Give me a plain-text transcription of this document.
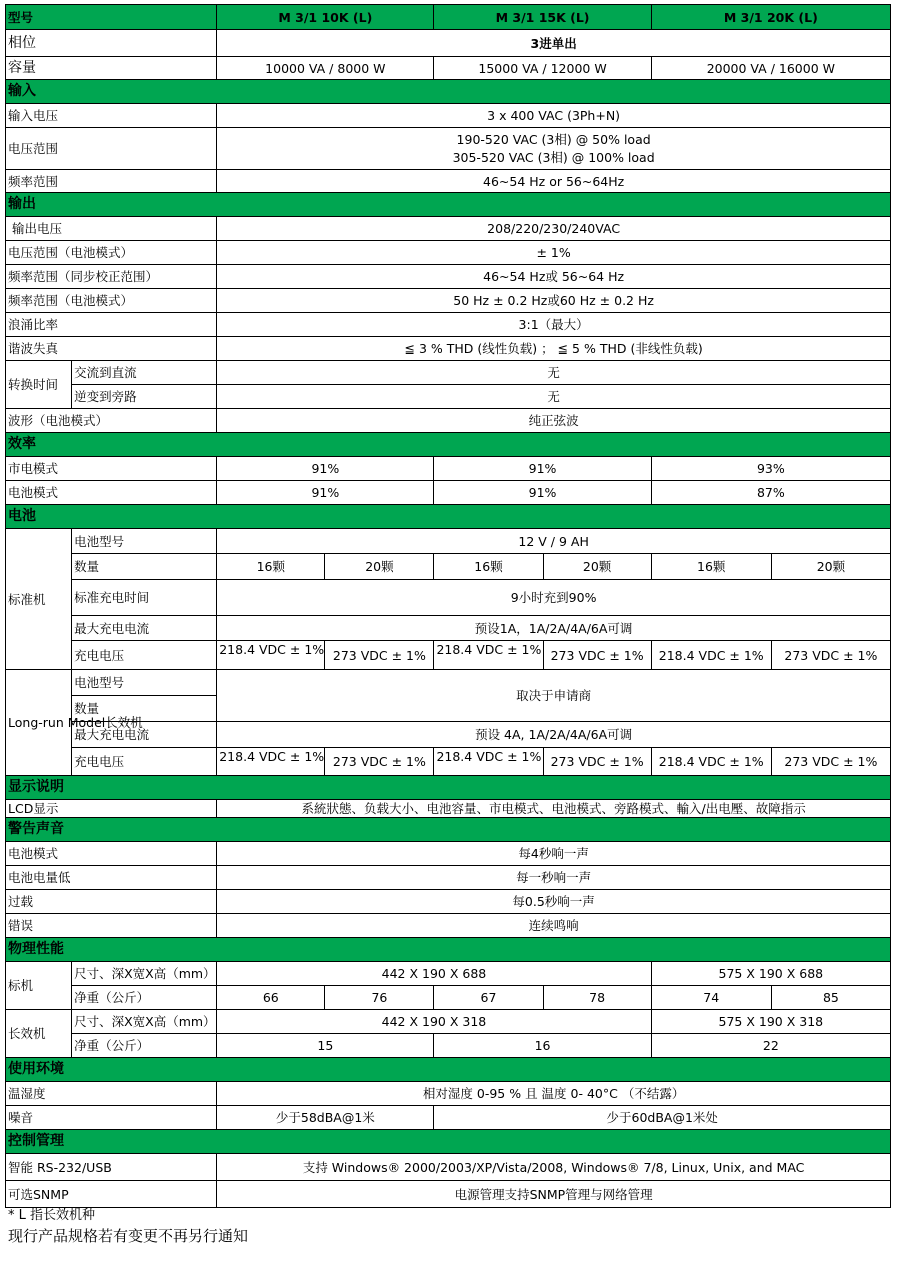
型号		M 3/1 10K (L)		M 3/1 15K (L)		M 3/1 20K (L)	
相位		3进单出					
容量		10000 VA / 8000 W		15000 VA / 12000 W		20000 VA / 16000 W	
输入							
输入电压		3 x 400 VAC (3Ph+N)					
电压范围		190-520 VAC (3相) @ 50% load
305-520 VAC (3相) @ 100% load					

频率范围		46~54 Hz or 56~64Hz					
输出							
输出电压		208/220/230/240VAC					
电压范围（电池模式）		± 1%					
频率范围（同步校正范围）		46~54 Hz或 56~64 Hz					
频率范围（电池模式）		50 Hz ± 0.2 Hz或60 Hz ± 0.2 Hz					
浪涌比率		3:1（最大）					
谐波失真		≦ 3 % THD (线性负载) ； ≦ 5 % THD (非线性负载)					
转换时间	交流到直流	无					
	逆变到旁路	无					
波形（电池模式）		纯正弦波					
效率							
市电模式		91%		91%		93%	
电池模式		91%		91%		87%	
电池							
标准机	电池型号	12 V / 9 AH					
	数量	16颗	20颗	16颗	20颗	16颗	20颗
	标准充电时间	9小时充到90%					
	最大充电电流	预设1A，1A/2A/4A/6A可调					
	充电电压	218.4 VDC ± 1%	273 VDC ± 1%	218.4 VDC ± 1%	273 VDC ± 1%	218.4 VDC ± 1%	273 VDC ± 1%
Long-run Model长效机	电池型号	取决于申请商					
	数量						
	最大充电电流	预设 4A, 1A/2A/4A/6A可调					
	充电电压	218.4 VDC ± 1%	273 VDC ± 1%	218.4 VDC ± 1%	273 VDC ± 1%	218.4 VDC ± 1%	273 VDC ± 1%
显示说明							
LCD显示		系統狀態、负载大小、电池容量、市电模式、电池模式、旁路模式、輸入/出电壓、故障指示					
警告声音							
电池模式		每4秒响一声					
电池电量低		每一秒响一声					
过载		每0.5秒响一声					
错误		连续鸣响					
物理性能							
标机	尺寸、深X宽X高（mm）	442 X 190 X 688				575 X 190 X 688	
	净重（公斤）	66	76	67	78	74	85
长效机	尺寸、深X宽X高（mm）	442 X 190 X 318				575 X 190 X 318	
	净重（公斤）	15		16		22	
使用环境							
温湿度		相对湿度 0-95 % 且 温度 0- 40°C （不结露）					
噪音		少于58dBA@1米		少于60dBA@1米处			
控制管理							
智能 RS-232/USB		支持 Windows® 2000/2003/XP/Vista/2008, Windows® 7/8, Linux, Unix, and MAC					
可选SNMP		电源管理支持SNMP管理与网络管理					
* L 指长效机种
现行产品规格若有变更不再另行通知
